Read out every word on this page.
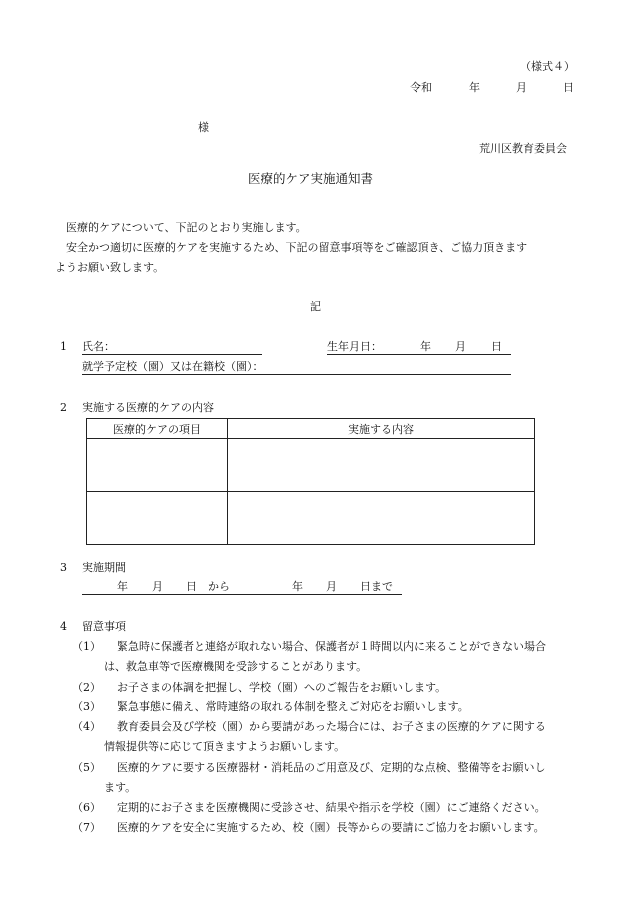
（様式４）
令和	年	月	日
様
荒川区教育委員会
医療的ケア実施通知書
医療的ケアについて、下記のとおり実施します。
安全かつ適切に医療的ケアを実施するため、下記の留意事項等をご確認頂き、ご協力頂きます
ようお願い致します。
記
1 氏名：	生年月日：	年 月 日
就学予定校（園）又は在籍校（園）：
2 実施する医療的ケアの内容
医療的ケアの項目	実施する内容

3 実施期間
年 月 日 から	年 月 日まで
4 留意事項
（1） 緊急時に保護者と連絡が取れない場合、保護者が１時間以内に来ることができない場合
は、救急車等で医療機関を受診することがあります。
（2） お子さまの体調を把握し、学校（園）へのご報告をお願いします。
（3） 緊急事態に備え、常時連絡の取れる体制を整えご対応をお願いします。
（4） 教育委員会及び学校（園）から要請があった場合には、お子さまの医療的ケアに関する
情報提供等に応じて頂きますようお願いします。
（5） 医療的ケアに要する医療器材・消耗品のご用意及び、定期的な点検、整備等をお願いし
ます。
（6） 定期的にお子さまを医療機関に受診させ、結果や指示を学校（園）にご連絡ください。
（7） 医療的ケアを安全に実施するため、校（園）長等からの要請にご協力をお願いします。
